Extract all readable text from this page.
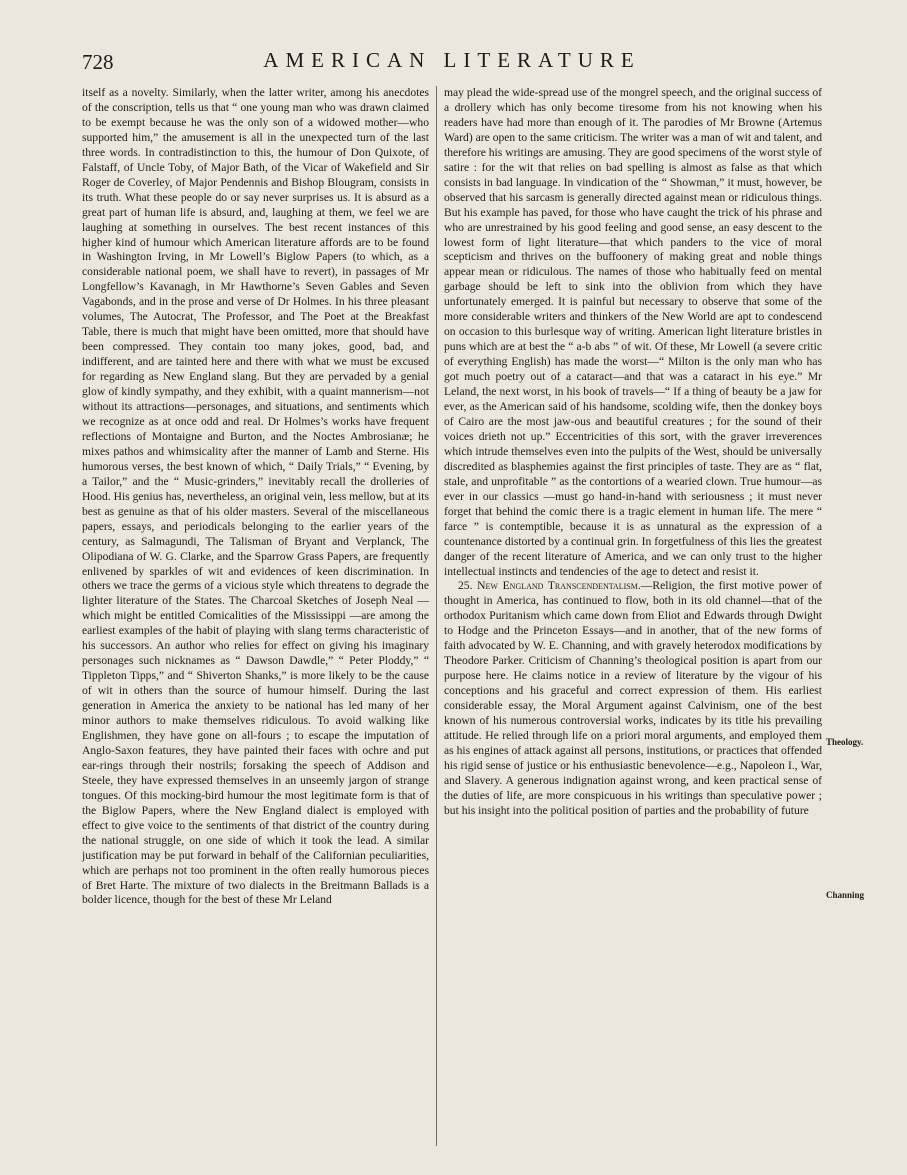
728	AMERICAN LITERATURE

itself as a novelty. Similarly, when the latter writer, among his anecdotes of the conscription, tells us that “ one young man who was drawn claimed to be exempt because he was the only son of a widowed mother—who supported him,” the amusement is all in the unexpected turn of the last three words. In contradistinction to this, the humour of Don Quixote, of Falstaff, of Uncle Toby, of Major Bath, of the Vicar of Wakefield and Sir Roger de Coverley, of Major Pendennis and Bishop Blougram, consists in its truth. What these people do or say never surprises us. It is absurd as a great part of human life is absurd, and, laughing at them, we feel we are laughing at something in ourselves. The best recent instances of this higher kind of humour which American literature affords are to be found in Washington Irving, in Mr Lowell’s Biglow Papers (to which, as a considerable national poem, we shall have to revert), in passages of Mr Longfellow’s Kavanagh, in Mr Hawthorne’s Seven Gables and Seven Vagabonds, and in the prose and verse of Dr Holmes. In his three pleasant volumes, The Autocrat, The Professor, and The Poet at the Breakfast Table, there is much that might have been omitted, more that should have been compressed. They contain too many jokes, good, bad, and indifferent, and are tainted here and there with what we must be excused for regarding as New England slang. But they are pervaded by a genial glow of kindly sympathy, and they exhibit, with a quaint mannerism—not without its attractions—personages, and situations, and sentiments which we recognize as at once odd and real. Dr Holmes’s works have frequent reflections of Montaigne and Burton, and the Noctes Ambrosianæ; he mixes pathos and whimsicality after the manner of Lamb and Sterne. His humorous verses, the best known of which, “ Daily Trials,” “ Evening, by a Tailor,” and the “ Music-grinders,” inevitably recall the drolleries of Hood. His genius has, nevertheless, an original vein, less mellow, but at its best as genuine as that of his older masters. Several of the miscellaneous papers, essays, and periodicals belonging to the earlier years of the century, as Salmagundi, The Talisman of Bryant and Verplanck, The Olipodiana of W. G. Clarke, and the Sparrow Grass Papers, are frequently enlivened by sparkles of wit and evidences of keen discrimination. In others we trace the germs of a vicious style which threatens to degrade the lighter literature of the States. The Charcoal Sketches of Joseph Neal —which might be entitled Comicalities of the Mississippi —are among the earliest examples of the habit of playing with slang terms characteristic of his successors. An author who relies for effect on giving his imaginary personages such nicknames as “ Dawson Dawdle,” “ Peter Ploddy,” “ Tippleton Tipps,” and “ Shiverton Shanks,” is more likely to be the cause of wit in others than the source of humour himself. During the last generation in America the anxiety to be national has led many of her minor authors to make themselves ridiculous. To avoid walking like Englishmen, they have gone on all-fours ; to escape the imputation of Anglo-Saxon features, they have painted their faces with ochre and put ear-rings through their nostrils; forsaking the speech of Addison and Steele, they have expressed themselves in an unseemly jargon of strange tongues. Of this mocking-bird humour the most legitimate form is that of the Biglow Papers, where the New England dialect is employed with effect to give voice to the sentiments of that district of the country during the national struggle, on one side of which it took the lead. A similar justification may be put forward in behalf of the Californian peculiarities, which are perhaps not too prominent in the often really humorous pieces of Bret Harte. The mixture of two dialects in the Breitmann Ballads is a bolder licence, though for the best of these Mr Leland

may plead the wide-spread use of the mongrel speech, and the original success of a drollery which has only become tiresome from his not knowing when his readers have had more than enough of it. The parodies of Mr Browne (Artemus Ward) are open to the same criticism. The writer was a man of wit and talent, and therefore his writings are amusing. They are good specimens of the worst style of satire : for the wit that relies on bad spelling is almost as false as that which consists in bad language. In vindication of the “ Showman,” it must, however, be observed that his sarcasm is generally directed against mean or ridiculous things. But his example has paved, for those who have caught the trick of his phrase and who are unrestrained by his good feeling and good sense, an easy descent to the lowest form of light literature—that which panders to the vice of moral scepticism and thrives on the buffoonery of making great and noble things appear mean or ridiculous. The names of those who habitually feed on mental garbage should be left to sink into the oblivion from which they have unfortunately emerged. It is painful but necessary to observe that some of the more considerable writers and thinkers of the New World are apt to condescend on occasion to this burlesque way of writing. American light literature bristles in puns which are at best the “ a-b abs ” of wit. Of these, Mr Lowell (a severe critic of everything English) has made the worst—“ Milton is the only man who has got much poetry out of a cataract—and that was a cataract in his eye.” Mr Leland, the next worst, in his book of travels—“ If a thing of beauty be a jaw for ever, as the American said of his handsome, scolding wife, then the donkey boys of Cairo are the most jaw-ous and beautiful creatures ; for the sound of their voices drieth not up.” Eccentricities of this sort, with the graver irreverences which intrude themselves even into the pulpits of the West, should be universally discredited as blasphemies against the first principles of taste. They are as “ flat, stale, and unprofitable ” as the contortions of a wearied clown. True humour—as ever in our classics —must go hand-in-hand with seriousness ; it must never forget that behind the comic there is a tragic element in human life. The mere “ farce ” is contemptible, because it is as unnatural as the expression of a countenance distorted by a continual grin. In forgetfulness of this lies the greatest danger of the recent literature of America, and we can only trust to the higher intellectual instincts and tendencies of the age to detect and resist it.

25. New England Transcendentalism.—Religion, the first motive power of thought in America, has continued to flow, both in its old channel—that of the orthodox Puritanism which came down from Eliot and Edwards through Dwight to Hodge and the Princeton Essays—and in another, that of the new forms of faith advocated by W. E. Channing, and with gravely heterodox modifications by Theodore Parker. Criticism of Channing’s theological position is apart from our purpose here. He claims notice in a review of literature by the vigour of his conceptions and his graceful and correct expression of them. His earliest considerable essay, the Moral Argument against Calvinism, one of the best known of his numerous controversial works, indicates by its title his prevailing attitude. He relied through life on a priori moral arguments, and employed them as his engines of attack against all persons, institutions, or practices that offended his rigid sense of justice or his enthusiastic benevolence—e.g., Napoleon I., War, and Slavery. A generous indignation against wrong, and keen practical sense of the duties of life, are more conspicuous in his writings than speculative power ; but his insight into the political position of parties and the probability of future

Theology.
Channing
